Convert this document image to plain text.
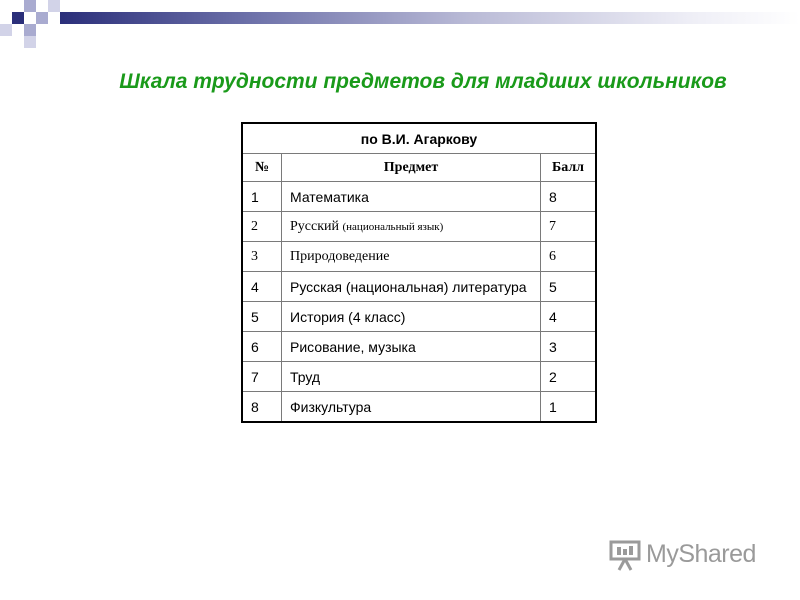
Шкала трудности предметов для младших школьников
по В.И. Агаркову		
№	Предмет	Балл
1	Математика	8
2	Русский (национальный язык)	7
3	Природоведение	6
4	Русская (национальная) литература	5
5	История (4 класс)	4
6	Рисование, музыка	3
7	Труд	2
8	Физкультура	1
MyShared
